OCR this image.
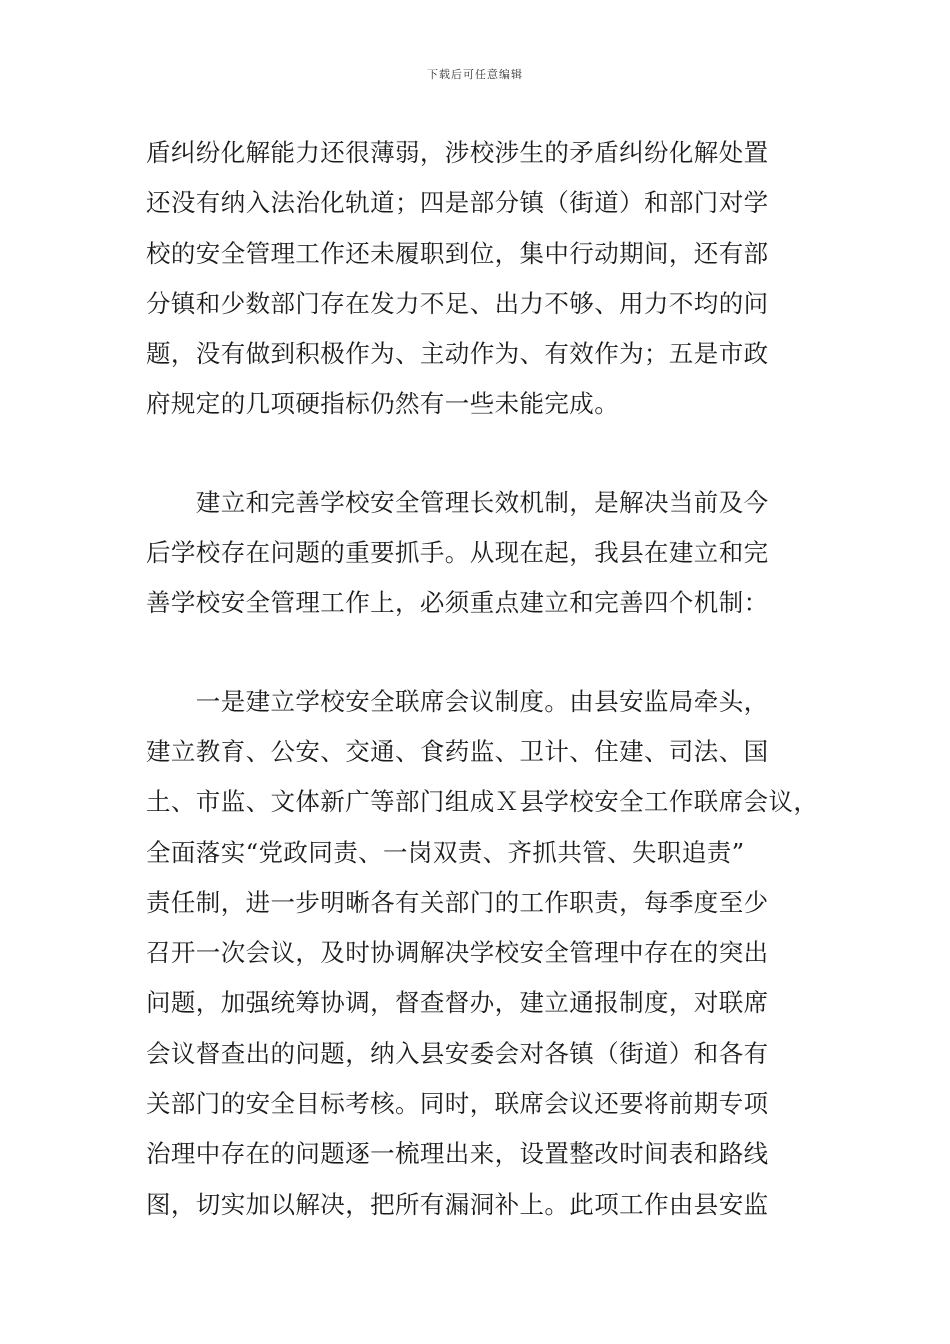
下载后可任意编辑
盾纠纷化解能力还很薄弱，涉校涉生的矛盾纠纷化解处置
还没有纳入法治化轨道；四是部分镇（街道）和部门对学
校的安全管理工作还未履职到位，集中行动期间，还有部
分镇和少数部门存在发力不足、出力不够、用力不均的问
题，没有做到积极作为、主动作为、有效作为；五是市政
府规定的几项硬指标仍然有一些未能完成。
　　建立和完善学校安全管理长效机制，是解决当前及今
后学校存在问题的重要抓手。从现在起，我县在建立和完
善学校安全管理工作上，必须重点建立和完善四个机制：
　　一是建立学校安全联席会议制度。由县安监局牵头，
建立教育、公安、交通、食药监、卫计、住建、司法、国
土、市监、文体新广等部门组成Ｘ县学校安全工作联席会议，
全面落实“党政同责、一岗双责、齐抓共管、失职追责”
责任制，进一步明晰各有关部门的工作职责，每季度至少
召开一次会议，及时协调解决学校安全管理中存在的突出
问题，加强统筹协调，督查督办，建立通报制度，对联席
会议督查出的问题，纳入县安委会对各镇（街道）和各有
关部门的安全目标考核。同时，联席会议还要将前期专项
治理中存在的问题逐一梳理出来，设置整改时间表和路线
图，切实加以解决，把所有漏洞补上。此项工作由县安监
